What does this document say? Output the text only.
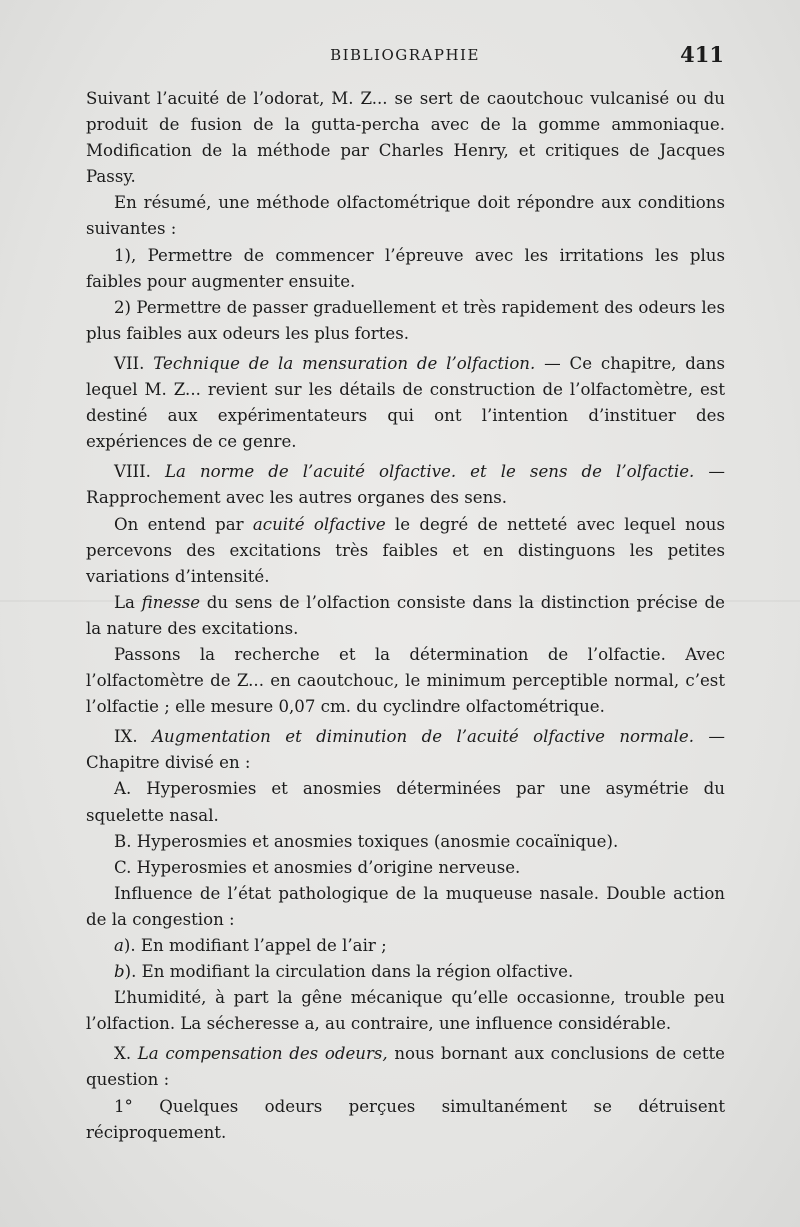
BIBLIOGRAPHIE	411

Suivant l’acuité de l’odorat, M. Z... se sert de caoutchouc vulcanisé ou du produit de fusion de la gutta-percha avec de la gomme ammoniaque. Modification de la méthode par Charles Henry, et critiques de Jacques Passy.

En résumé, une méthode olfactométrique doit répondre aux conditions suivantes :

1), Permettre de commencer l’épreuve avec les irritations les plus faibles pour augmenter ensuite.

2) Permettre de passer graduellement et très rapidement des odeurs les plus faibles aux odeurs les plus fortes.

VII. Technique de la mensuration de l’olfaction. — Ce chapitre, dans lequel M. Z... revient sur les détails de construction de l’olfactomètre, est destiné aux expérimentateurs qui ont l’intention d’instituer des expériences de ce genre.

VIII. La norme de l’acuité olfactive. et le sens de l’olfactie. — Rapprochement avec les autres organes des sens.

On entend par acuité olfactive le degré de netteté avec lequel nous percevons des excitations très faibles et en distinguons les petites variations d’intensité.

La finesse du sens de l’olfaction consiste dans la distinction précise de la nature des excitations.

Passons la recherche et la détermination de l’olfactie. Avec l’olfactomètre de Z... en caoutchouc, le minimum perceptible normal, c’est l’olfactie ; elle mesure 0,07 cm. du cyclindre olfactométrique.

IX. Augmentation et diminution de l’acuité olfactive normale. — Chapitre divisé en :

A. Hyperosmies et anosmies déterminées par une asymétrie du squelette nasal.

B. Hyperosmies et anosmies toxiques (anosmie cocaïnique).

C. Hyperosmies et anosmies d’origine nerveuse.

Influence de l’état pathologique de la muqueuse nasale. Double action de la congestion :

a). En modifiant l’appel de l’air ;

b). En modifiant la circulation dans la région olfactive.

L’humidité, à part la gêne mécanique qu’elle occasionne, trouble peu l’olfaction. La sécheresse a, au contraire, une influence considérable.

X. La compensation des odeurs, nous bornant aux conclusions de cette question :

1° Quelques odeurs perçues simultanément se détruisent réciproquement.
